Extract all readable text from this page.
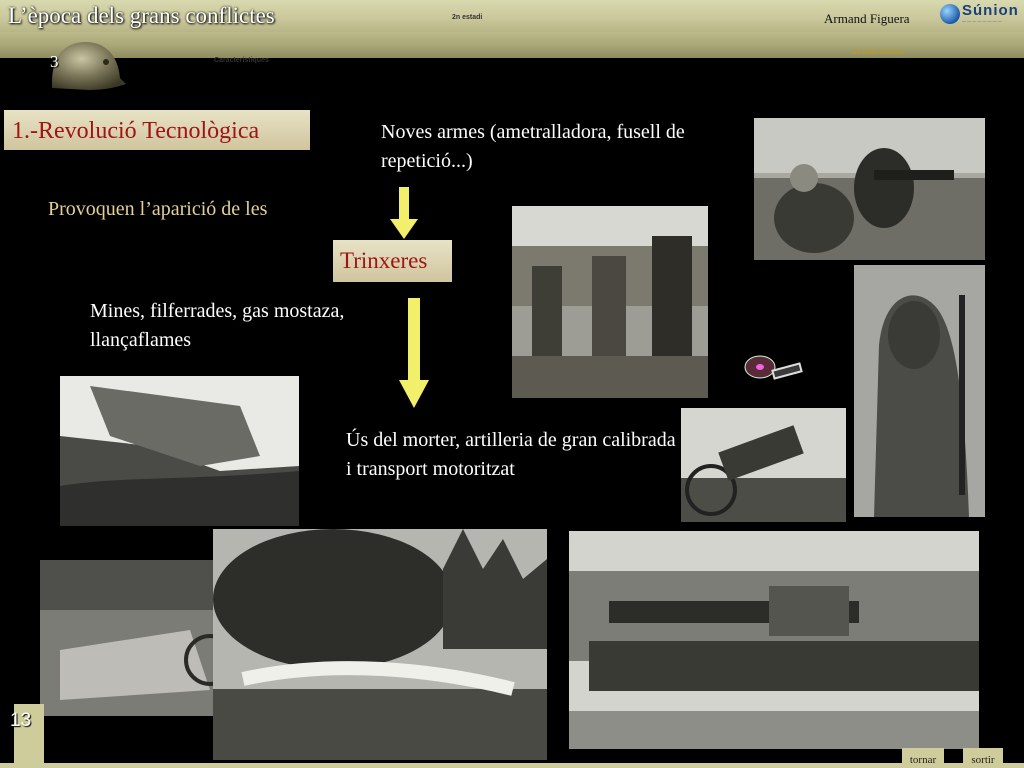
L’època dels grans conflictes	2n estadi
Característiques
La Gran Guerra
Armand Figuera	Súnion
— — — — — — — —
3
1.-Revolució Tecnològica	Noves armes (ametralladora, fusell de repetició...)
Provoquen l’aparició de les
Trinxeres
Mines, filferrades, gas mostaza, llançaflames
Ús del morter, artilleria de gran calibrada i transport motoritzat
13
tornar	sortir
